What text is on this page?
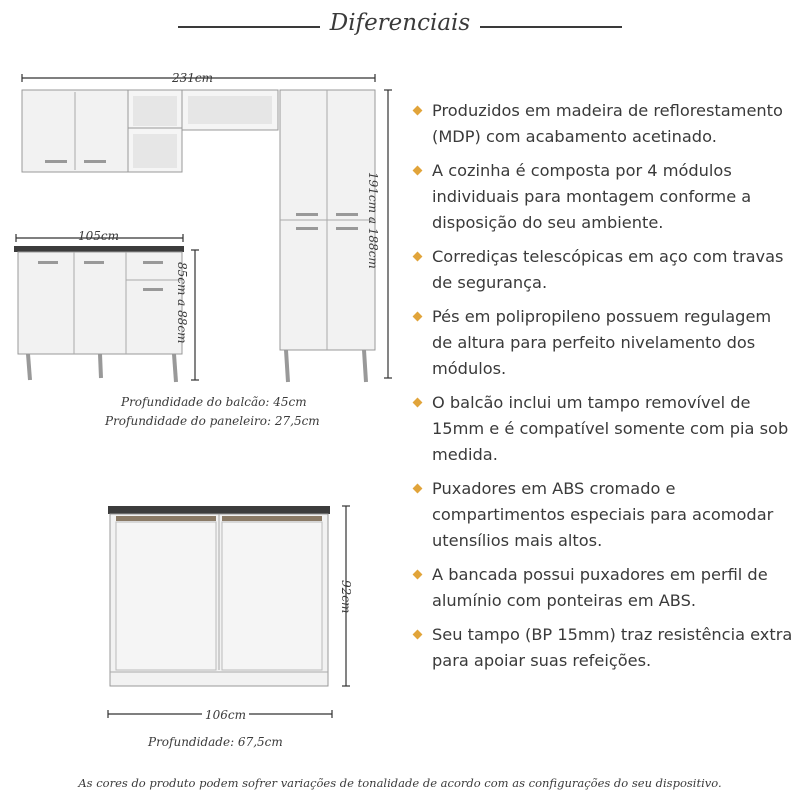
Diferenciais
231cm
105cm	191cm a 188cm
85cm a 88cm
Profundidade do balcão: 45cm
Profundidade do paneleiro: 27,5cm
106cm
92cm
Profundidade: 67,5cm
Produzidos em madeira de reflorestamento (MDP) com acabamento acetinado.
A cozinha é composta por 4 módulos individuais para montagem conforme a disposição do seu ambiente.
Corrediças telescópicas em aço com travas de segurança.
Pés em polipropileno possuem regulagem de altura para perfeito nivelamento dos módulos.
O balcão inclui um tampo removível de 15mm e é compatível somente com pia sob medida.
Puxadores em ABS cromado e compartimentos especiais para acomodar utensílios mais altos.
A bancada possui puxadores em perfil de alumínio com ponteiras em ABS.
Seu tampo (BP 15mm) traz resistência extra para apoiar suas refeições.
As cores do produto podem sofrer variações de tonalidade de acordo com as configurações do seu dispositivo.
